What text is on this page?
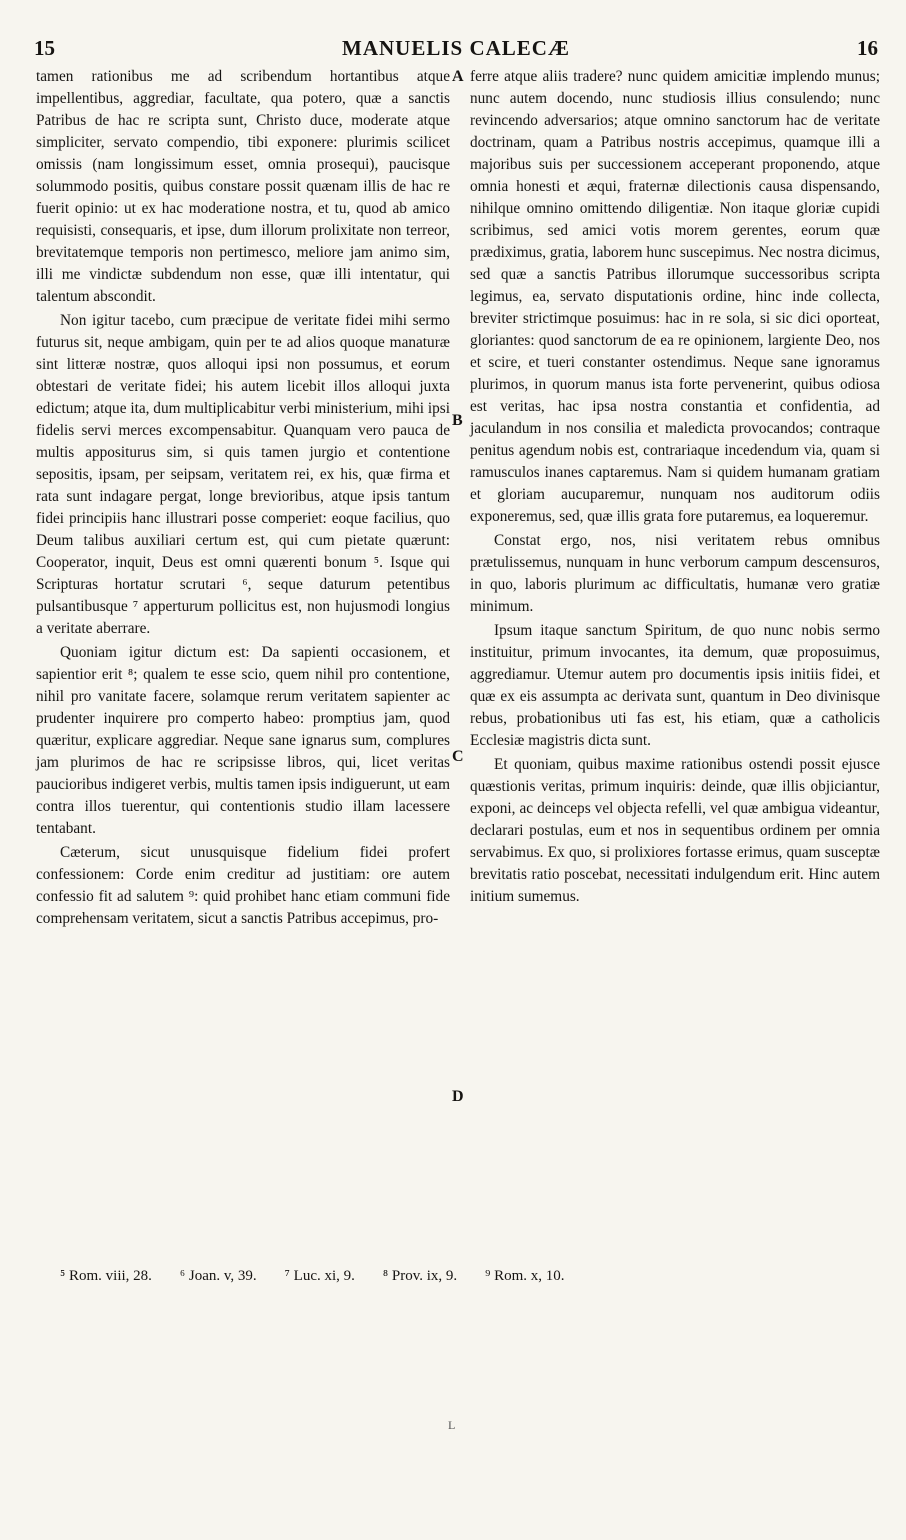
15	MANUELIS CALECÆ	16

tamen rationibus me ad scribendum hortantibus atque impellentibus, aggrediar, facultate, qua potero, quæ a sanctis Patribus de hac re scripta sunt, Christo duce, moderate atque simpliciter, servato compendio, tibi exponere: plurimis scilicet omissis (nam longissimum esset, omnia prosequi), paucisque solummodo positis, quibus constare possit quænam illis de hac re fuerit opinio: ut ex hac moderatione nostra, et tu, quod ab amico requisisti, consequaris, et ipse, dum illorum prolixitate non terreor, brevitatemque temporis non pertimesco, meliore jam animo sim, illi me vindictæ subdendum non esse, quæ illi intentatur, qui talentum abscondit.

Non igitur tacebo, cum præcipue de veritate fidei mihi sermo futurus sit, neque ambigam, quin per te ad alios quoque manaturæ sint litteræ nostræ, quos alloqui ipsi non possumus, et eorum obtestari de veritate fidei; his autem licebit illos alloqui juxta edictum; atque ita, dum multiplicabitur verbi ministerium, mihi ipsi fidelis servi merces excompensabitur. Quanquam vero pauca de multis appositurus sim, si quis tamen jurgio et contentione sepositis, ipsam, per seipsam, veritatem rei, ex his, quæ firma et rata sunt indagare pergat, longe brevioribus, atque ipsis tantum fidei principiis hanc illustrari posse comperiet: eoque facilius, quo Deum talibus auxiliari certum est, qui cum pietate quærunt: Cooperator, inquit, Deus est omni quærenti bonum ⁵. Isque qui Scripturas hortatur scrutari ⁶, seque daturum petentibus pulsantibusque ⁷ apperturum pollicitus est, non hujusmodi longius a veritate aberrare.

Quoniam igitur dictum est: Da sapienti occasionem, et sapientior erit ⁸; qualem te esse scio, quem nihil pro contentione, nihil pro vanitate facere, solamque rerum veritatem sapienter ac prudenter inquirere pro comperto habeo: promptius jam, quod quæritur, explicare aggrediar. Neque sane ignarus sum, complures jam plurimos de hac re scripsisse libros, qui, licet veritas paucioribus indigeret verbis, multis tamen ipsis indiguerunt, ut eam contra illos tuerentur, qui contentionis studio illam lacessere tentabant.

Cæterum, sicut unusquisque fidelium fidei profert confessionem: Corde enim creditur ad justitiam: ore autem confessio fit ad salutem ⁹: quid prohibet hanc etiam communi fide comprehensam veritatem, sicut a sanctis Patribus accepimus, pro-

ferre atque aliis tradere? nunc quidem amicitiæ implendo munus; nunc autem docendo, nunc studiosis illius consulendo; nunc revincendo adversarios; atque omnino sanctorum hac de veritate doctrinam, quam a Patribus nostris accepimus, quamque illi a majoribus suis per successionem acceperant proponendo, atque omnia honesti et æqui, fraternæ dilectionis causa dispensando, nihilque omnino omittendo diligentiæ. Non itaque gloriæ cupidi scribimus, sed amici votis morem gerentes, eorum quæ prædiximus, gratia, laborem hunc suscepimus. Nec nostra dicimus, sed quæ a sanctis Patribus illorumque successoribus scripta legimus, ea, servato disputationis ordine, hinc inde collecta, breviter strictimque posuimus: hac in re sola, si sic dici oporteat, gloriantes: quod sanctorum de ea re opinionem, largiente Deo, nos et scire, et tueri constanter ostendimus. Neque sane ignoramus plurimos, in quorum manus ista forte pervenerint, quibus odiosa est veritas, hac ipsa nostra constantia et confidentia, ad jaculandum in nos consilia et maledicta provocandos; contraque penitus agendum nobis est, contrariaque incedendum via, quam si ramusculos inanes captaremus. Nam si quidem humanam gratiam et gloriam aucuparemur, nunquam nos auditorum odiis exponeremus, sed, quæ illis grata fore putaremus, ea loqueremur.

Constat ergo, nos, nisi veritatem rebus omnibus prætulissemus, nunquam in hunc verborum campum descensuros, in quo, laboris plurimum ac difficultatis, humanæ vero gratiæ minimum.

Ipsum itaque sanctum Spiritum, de quo nunc nobis sermo instituitur, primum invocantes, ita demum, quæ proposuimus, aggrediamur. Utemur autem pro documentis ipsis initiis fidei, et quæ ex eis assumpta ac derivata sunt, quantum in Deo divinisque rebus, probationibus uti fas est, his etiam, quæ a catholicis Ecclesiæ magistris dicta sunt.

Et quoniam, quibus maxime rationibus ostendi possit ejusce quæstionis veritas, primum inquiris: deinde, quæ illis objiciantur, exponi, ac deinceps vel objecta refelli, vel quæ ambigua videantur, declarari postulas, eum et nos in sequentibus ordinem per omnia servabimus. Ex quo, si prolixiores fortasse erimus, quam susceptæ brevitatis ratio poscebat, necessitati indulgendum erit. Hinc autem initium sumemus.

A
B
C
D
⁵ Rom. viii, 28. ⁶ Joan. v, 39. ⁷ Luc. xi, 9. ⁸ Prov. ix, 9. ⁹ Rom. x, 10.
L
